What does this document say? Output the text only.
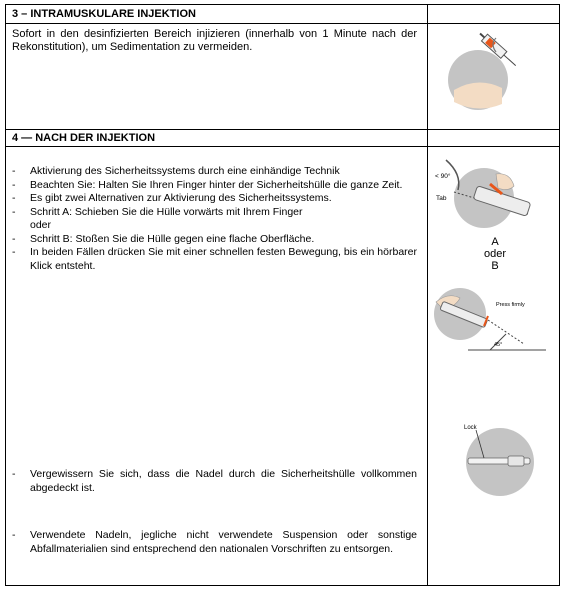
3 – INTRAMUSKULARE INJEKTION
Sofort in den desinfizierten Bereich injizieren (innerhalb von 1 Minute nach der Rekonstitution), um Sedimentation zu vermeiden.
4 — NACH DER INJEKTION
- Aktivierung des Sicherheitssystems durch eine einhändige Technik
- Beachten Sie: Halten Sie Ihren Finger hinter der Sicherheitshülle die ganze Zeit.
- Es gibt zwei Alternativen zur Aktivierung des Sicherheitssystems.
- Schritt A: Schieben Sie die Hülle vorwärts mit Ihrem Finger
oder
- Schritt B: Stoßen Sie die Hülle gegen eine flache Oberfläche.
- In beiden Fällen drücken Sie mit einer schnellen festen Bewegung, bis ein hörbarer Klick entsteht.
- Vergewissern Sie sich, dass die Nadel durch die Sicherheitshülle vollkommen abgedeckt ist.
- Verwendete Nadeln, jegliche nicht verwendete Suspension oder sonstige Abfallmaterialien sind entsprechend den nationalen Vorschriften zu entsorgen.
< 90°
Tab
A
oder
B
Press firmly
45°
Lock
